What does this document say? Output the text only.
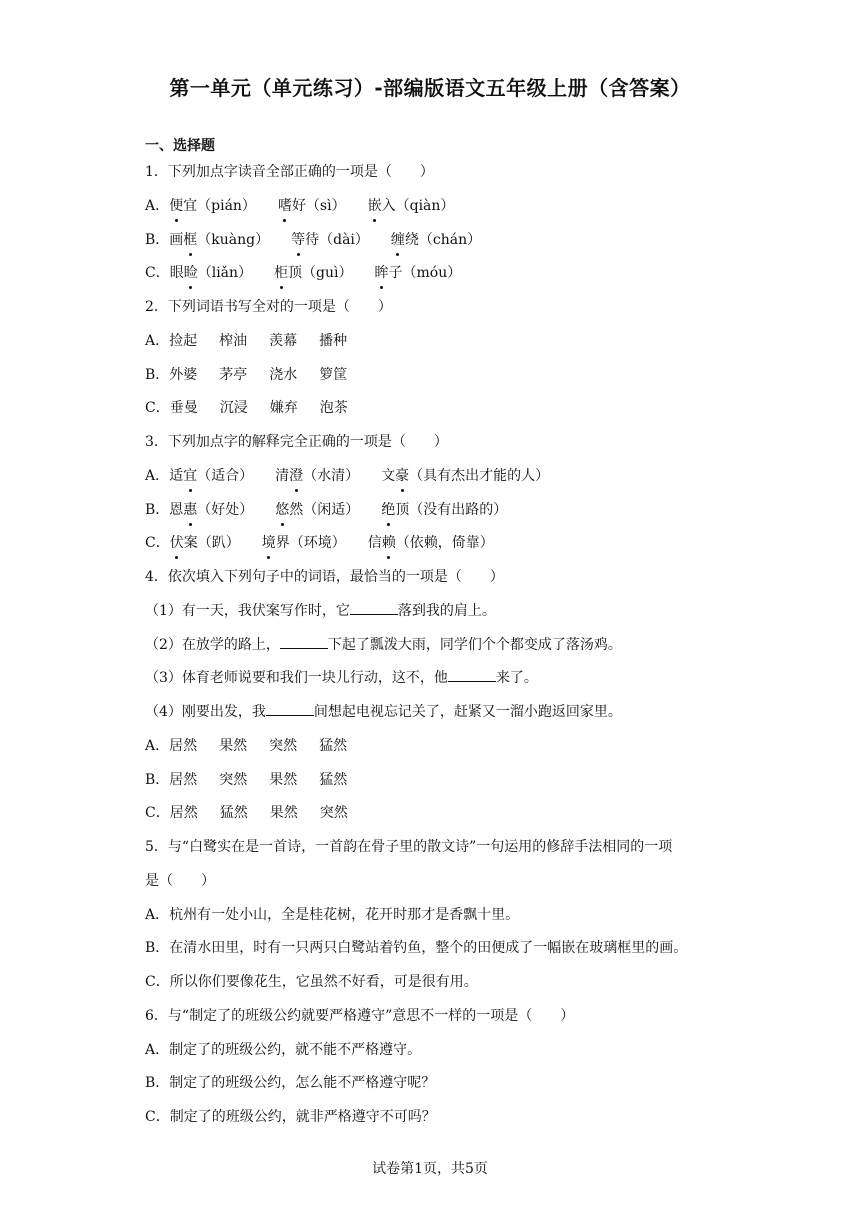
第一单元（单元练习）-部编版语文五年级上册（含答案）
一、选择题
1．下列加点字读音全部正确的一项是（　　）
A．便宜（pián） 嗜好（sì） 嵌入（qiàn）
B．画框（kuàng） 等待（dài） 缠绕（chán）
C．眼睑（liǎn） 柜顶（guì） 眸子（móu）
2．下列词语书写全对的一项是（　　）
A．捡起 榨油 羡幕 播种
B．外婆 茅亭 浇水 箩筐
C．垂曼 沉浸 嫌弃 泡茶
3．下列加点字的解释完全正确的一项是（　　）
A．适宜（适合） 清澄（水清） 文豪（具有杰出才能的人）
B．恩惠（好处） 悠然（闲适） 绝顶（没有出路的）
C．伏案（趴） 境界（环境） 信赖（依赖，倚靠）
4．依次填入下列句子中的词语，最恰当的一项是（　　）
（1）有一天，我伏案写作时，它	落到我的肩上。
（2）在放学的路上，	下起了瓢泼大雨，同学们个个都变成了落汤鸡。
（3）体育老师说要和我们一块儿行动，这不，他	来了。
（4）刚要出发，我	间想起电视忘记关了，赶紧又一溜小跑返回家里。
A．居然 果然 突然 猛然
B．居然 突然 果然 猛然
C．居然 猛然 果然 突然
5．与“白鹭实在是一首诗，一首韵在骨子里的散文诗”一句运用的修辞手法相同的一项
是（　　）
A．杭州有一处小山，全是桂花树，花开时那才是香飘十里。
B．在清水田里，时有一只两只白鹭站着钓鱼，整个的田便成了一幅嵌在玻璃框里的画。
C．所以你们要像花生，它虽然不好看，可是很有用。
6．与“制定了的班级公约就要严格遵守”意思不一样的一项是（　　）
A．制定了的班级公约，就不能不严格遵守。
B．制定了的班级公约，怎么能不严格遵守呢？
C．制定了的班级公约，就非严格遵守不可吗？
试卷第1页，共5页
